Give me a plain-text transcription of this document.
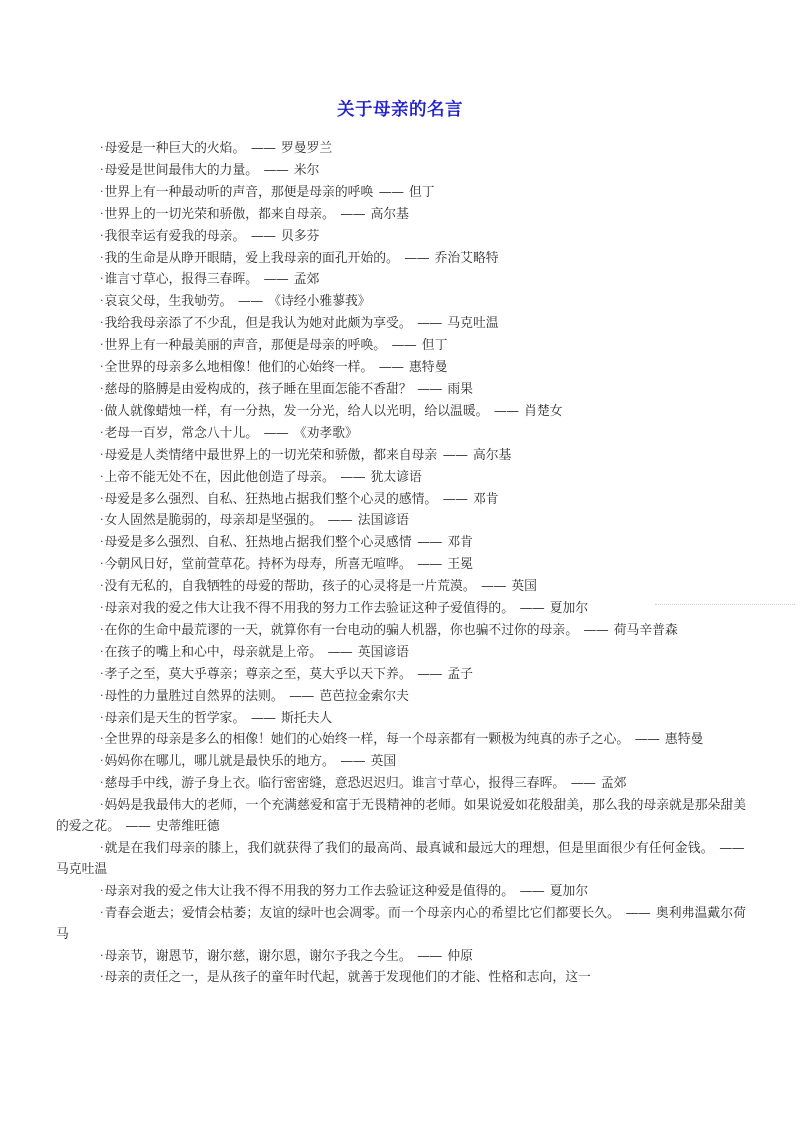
关于母亲的名言

·母爱是一种巨大的火焰。 —— 罗曼罗兰

·母爱是世间最伟大的力量。 —— 米尔

·世界上有一种最动听的声音，那便是母亲的呼唤 —— 但丁

·世界上的一切光荣和骄傲，都来自母亲。 —— 高尔基

·我很幸运有爱我的母亲。 —— 贝多芬

·我的生命是从睁开眼睛，爱上我母亲的面孔开始的。 —— 乔治艾略特

·谁言寸草心，报得三春晖。 —— 孟郊

·哀哀父母，生我劬劳。 —— 《诗经小雅蓼莪》

·我给我母亲添了不少乱，但是我认为她对此颇为享受。 —— 马克吐温

·世界上有一种最美丽的声音，那便是母亲的呼唤。 —— 但丁

·全世界的母亲多么地相像！他们的心始终一样。 —— 惠特曼

·慈母的胳膊是由爱构成的，孩子睡在里面怎能不香甜？ —— 雨果

·做人就像蜡烛一样，有一分热，发一分光，给人以光明，给以温暖。 —— 肖楚女

·老母一百岁，常念八十儿。 —— 《劝孝歌》

·母爱是人类情绪中最世界上的一切光荣和骄傲，都来自母亲 —— 高尔基

·上帝不能无处不在，因此他创造了母亲。 —— 犹太谚语

·母爱是多么强烈、自私、狂热地占据我们整个心灵的感情。 —— 邓肯

·女人固然是脆弱的，母亲却是坚强的。 —— 法国谚语

·母爱是多么强烈、自私、狂热地占据我们整个心灵感情 —— 邓肯

·今朝风日好，堂前萱草花。持杯为母寿，所喜无喧哗。 —— 王冕

·没有无私的，自我牺牲的母爱的帮助，孩子的心灵将是一片荒漠。 —— 英国

·母亲对我的爱之伟大让我不得不用我的努力工作去验证这种子爱值得的。 —— 夏加尔

·在你的生命中最荒谬的一天，就算你有一台电动的骗人机器，你也骗不过你的母亲。 —— 荷马辛普森

·在孩子的嘴上和心中，母亲就是上帝。 —— 英国谚语

·孝子之至，莫大乎尊亲；尊亲之至，莫大乎以天下养。 —— 孟子

·母性的力量胜过自然界的法则。 —— 芭芭拉金索尔夫

·母亲们是天生的哲学家。 —— 斯托夫人

·全世界的母亲是多么的相像！她们的心始终一样，每一个母亲都有一颗极为纯真的赤子之心。 —— 惠特曼

·妈妈你在哪儿，哪儿就是最快乐的地方。 —— 英国

·慈母手中线，游子身上衣。临行密密缝，意恐迟迟归。谁言寸草心，报得三春晖。 —— 孟郊

·妈妈是我最伟大的老师，一个充满慈爱和富于无畏精神的老师。如果说爱如花般甜美，那么我的母亲就是那朵甜美的爱之花。 —— 史蒂维旺德

·就是在我们母亲的膝上，我们就获得了我们的最高尚、最真诚和最远大的理想，但是里面很少有任何金钱。 —— 马克吐温

·母亲对我的爱之伟大让我不得不用我的努力工作去验证这种爱是值得的。 —— 夏加尔

·青春会逝去；爱情会枯萎；友谊的绿叶也会凋零。而一个母亲内心的希望比它们都要长久。 —— 奥利弗温戴尔荷马

·母亲节，谢恩节，谢尔慈，谢尔恩，谢尔予我之今生。 —— 仲原

·母亲的责任之一，是从孩子的童年时代起，就善于发现他们的才能、性格和志向，这一
